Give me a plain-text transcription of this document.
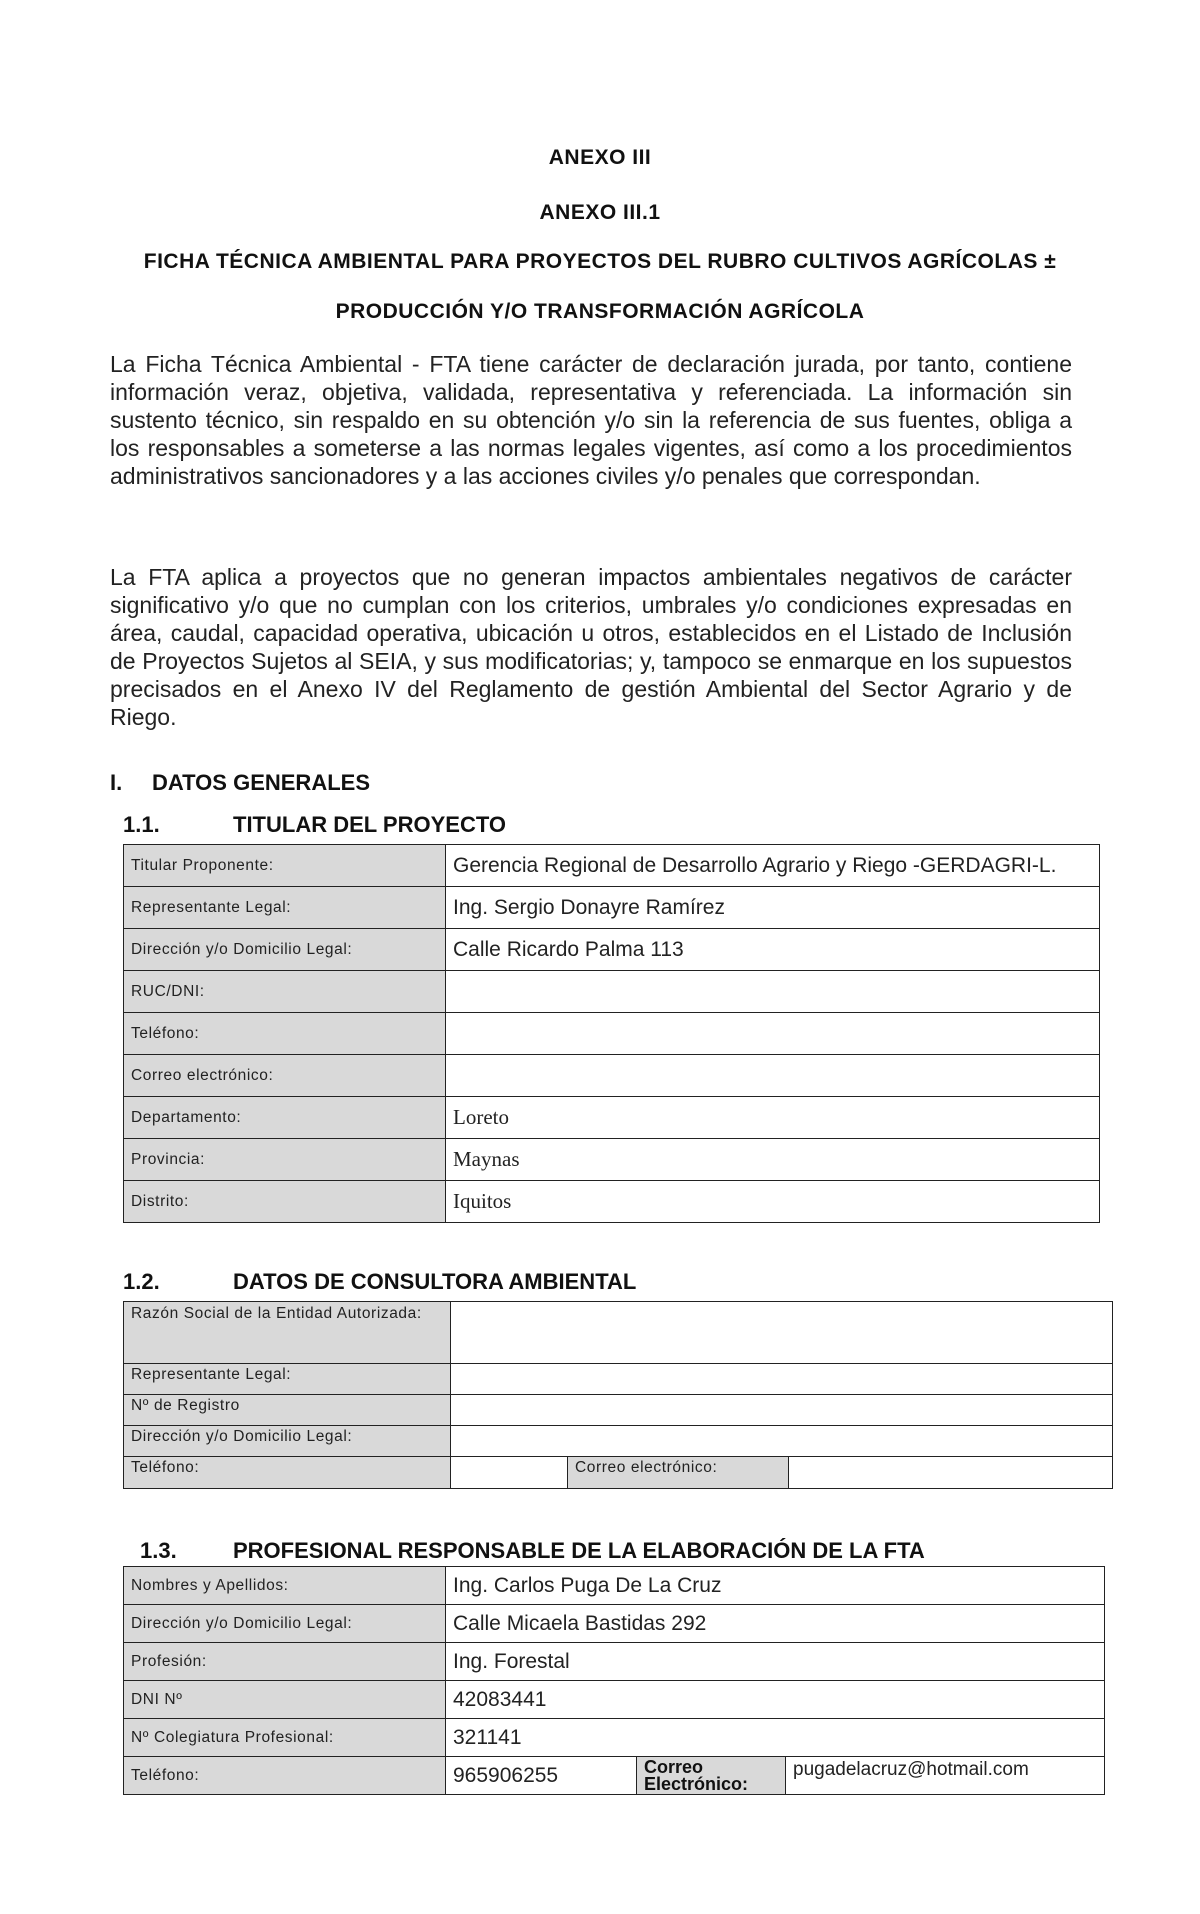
ANEXO III
ANEXO III.1
FICHA TÉCNICA AMBIENTAL PARA PROYECTOS DEL RUBRO CULTIVOS AGRÍCOLAS ±
PRODUCCIÓN Y/O TRANSFORMACIÓN AGRÍCOLA
La Ficha Técnica Ambiental - FTA tiene carácter de declaración jurada, por tanto, contiene información veraz, objetiva, validada, representativa y referenciada. La información sin sustento técnico, sin respaldo en su obtención y/o sin la referencia de sus fuentes, obliga a los responsables a someterse a las normas legales vigentes, así como a los procedimientos administrativos sancionadores y a las acciones civiles y/o penales que correspondan.
La FTA aplica a proyectos que no generan impactos ambientales negativos de carácter significativo y/o que no cumplan con los criterios, umbrales y/o condiciones expresadas en área, caudal, capacidad operativa, ubicación u otros, establecidos en el Listado de Inclusión de Proyectos Sujetos al SEIA, y sus modificatorias; y, tampoco se enmarque en los supuestos precisados en el Anexo IV del Reglamento de gestión Ambiental del Sector Agrario y de Riego.
I. DATOS GENERALES
1.1.	TITULAR DEL PROYECTO
Titular Proponente:	Gerencia Regional de Desarrollo Agrario y Riego -GERDAGRI-L.
Representante Legal:	Ing. Sergio Donayre Ramírez
Dirección y/o Domicilio Legal:	Calle Ricardo Palma 113
RUC/DNI:	
Teléfono:	
Correo electrónico:	
Departamento:	Loreto
Provincia:	Maynas
Distrito:	Iquitos
1.2.	DATOS DE CONSULTORA AMBIENTAL
Razón Social de la Entidad Autorizada:			
Representante Legal:			
Nº de Registro			
Dirección y/o Domicilio Legal:			
Teléfono:		Correo electrónico:	
1.3.	PROFESIONAL RESPONSABLE DE LA ELABORACIÓN DE LA FTA
Nombres y Apellidos:	Ing. Carlos Puga De La Cruz		
Dirección y/o Domicilio Legal:	Calle Micaela Bastidas 292		
Profesión:	Ing. Forestal		
DNI Nº	42083441		
Nº Colegiatura Profesional:	321141		
Teléfono:	965906255	Correo Electrónico:	pugadelacruz@hotmail.com
